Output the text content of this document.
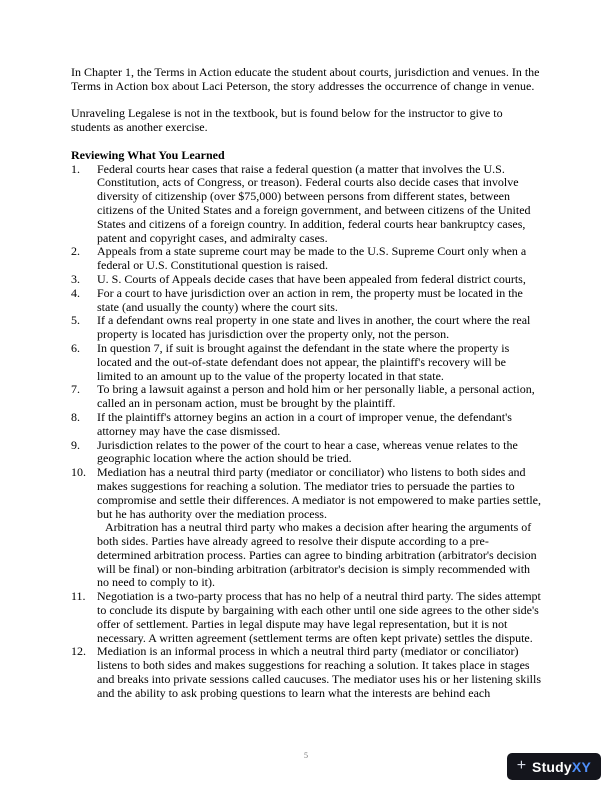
In Chapter 1, the Terms in Action educate the student about courts, jurisdiction and venues. In the Terms in Action box about Laci Peterson, the story addresses the occurrence of change in venue.

Unraveling Legalese is not in the textbook, but is found below for the instructor to give to students as another exercise.

Reviewing What You Learned

1.	Federal courts hear cases that raise a federal question (a matter that involves the U.S. Constitution, acts of Congress, or treason). Federal courts also decide cases that involve diversity of citizenship (over $75,000) between persons from different states, between citizens of the United States and a foreign government, and between citizens of the United States and citizens of a foreign country. In addition, federal courts hear bankruptcy cases, patent and copyright cases, and admiralty cases.
2.	Appeals from a state supreme court may be made to the U.S. Supreme Court only when a federal or U.S. Constitutional question is raised.
3.	U. S. Courts of Appeals decide cases that have been appealed from federal district courts,
4.	For a court to have jurisdiction over an action in rem, the property must be located in the state (and usually the county) where the court sits.
5.	If a defendant owns real property in one state and lives in another, the court where the real property is located has jurisdiction over the property only, not the person.
6.	In question 7, if suit is brought against the defendant in the state where the property is located and the out-of-state defendant does not appear, the plaintiff's recovery will be limited to an amount up to the value of the property located in that state.
7.	To bring a lawsuit against a person and hold him or her personally liable, a personal action, called an in personam action, must be brought by the plaintiff.
8.	If the plaintiff's attorney begins an action in a court of improper venue, the defendant's attorney may have the case dismissed.
9.	Jurisdiction relates to the power of the court to hear a case, whereas venue relates to the geographic location where the action should be tried.
10. Mediation has a neutral third party (mediator or conciliator) who listens to both sides and makes suggestions for reaching a solution. The mediator tries to persuade the parties to compromise and settle their differences. A mediator is not empowered to make parties settle, but he has authority over the mediation process.
Arbitration has a neutral third party who makes a decision after hearing the arguments of both sides. Parties have already agreed to resolve their dispute according to a pre-determined arbitration process. Parties can agree to binding arbitration (arbitrator's decision will be final) or non-binding arbitration (arbitrator's decision is simply recommended with no need to comply to it).
11. Negotiation is a two-party process that has no help of a neutral third party. The sides attempt to conclude its dispute by bargaining with each other until one side agrees to the other side's offer of settlement. Parties in legal dispute may have legal representation, but it is not necessary. A written agreement (settlement terms are often kept private) settles the dispute.
12. Mediation is an informal process in which a neutral third party (mediator or conciliator) listens to both sides and makes suggestions for reaching a solution. It takes place in stages and breaks into private sessions called caucuses. The mediator uses his or her listening skills and the ability to ask probing questions to learn what the interests are behind each
5
+ StudyXY
